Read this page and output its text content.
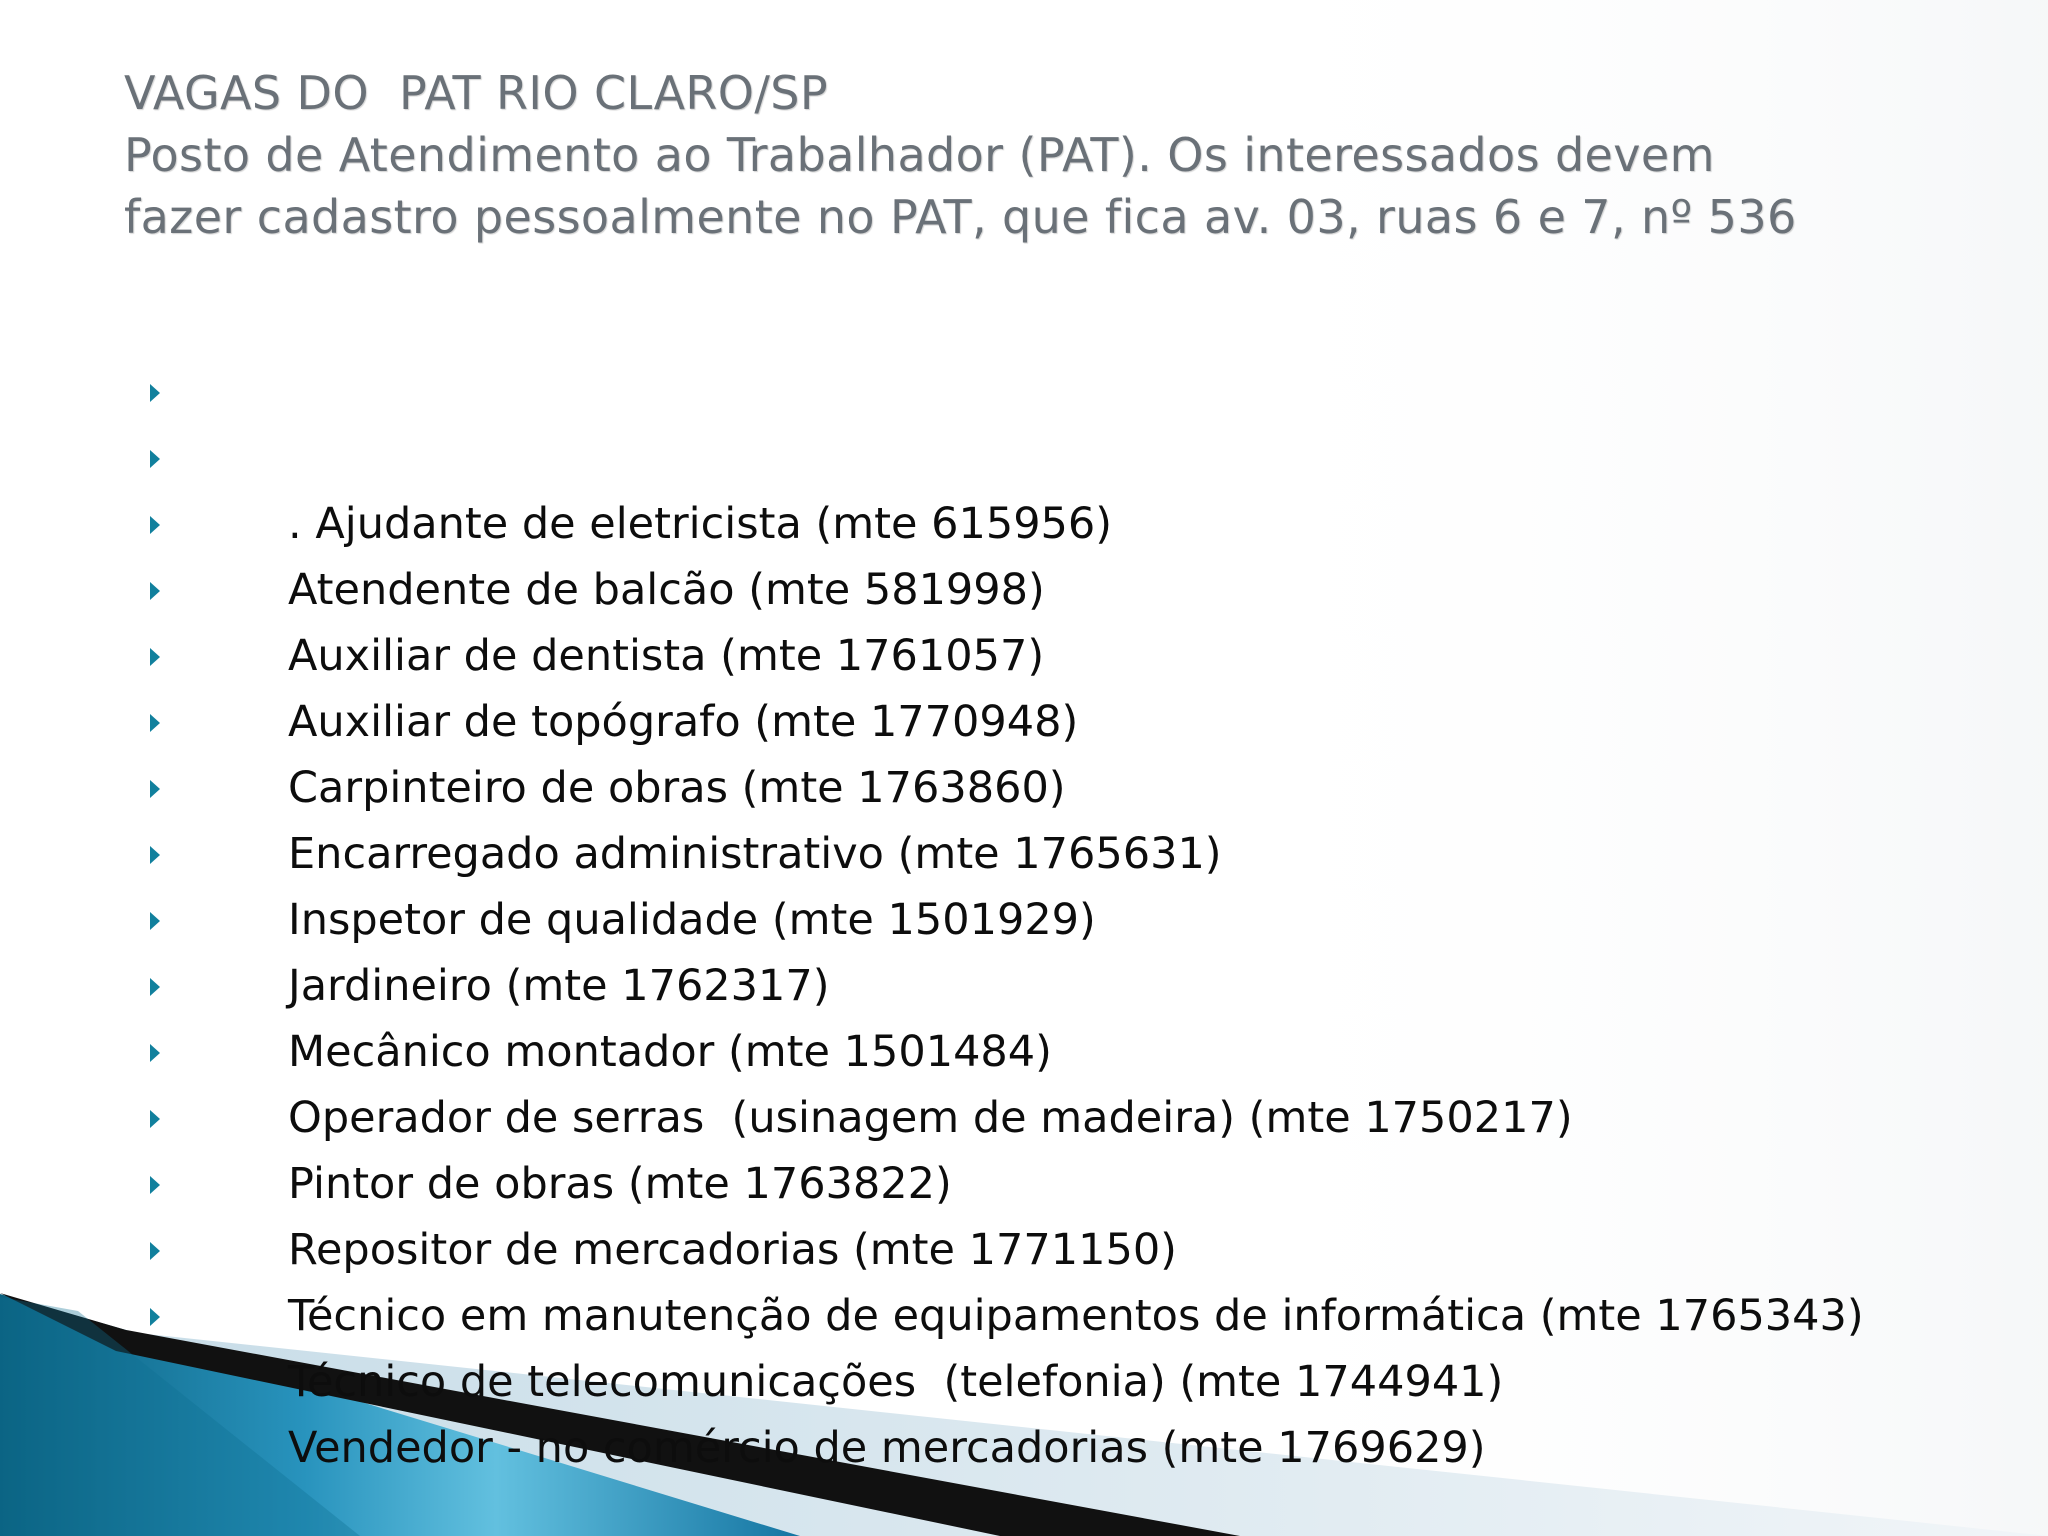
VAGAS DO  PAT RIO CLARO/SP
Posto de Atendimento ao Trabalhador (PAT). Os interessados devem
fazer cadastro pessoalmente no PAT, que fica av. 03, ruas 6 e 7, nº 536

. Ajudante de eletricista (mte 615956)

Atendente de balcão (mte 581998)

Auxiliar de dentista (mte 1761057)

Auxiliar de topógrafo (mte 1770948)

Carpinteiro de obras (mte 1763860)

Encarregado administrativo (mte 1765631)

Inspetor de qualidade (mte 1501929)

Jardineiro (mte 1762317)

Mecânico montador (mte 1501484)

Operador de serras  (usinagem de madeira) (mte 1750217)

Pintor de obras (mte 1763822)

Repositor de mercadorias (mte 1771150)

Técnico em manutenção de equipamentos de informática (mte 1765343)

Técnico de telecomunicações  (telefonia) (mte 1744941)

Vendedor - no comércio de mercadorias (mte 1769629)
